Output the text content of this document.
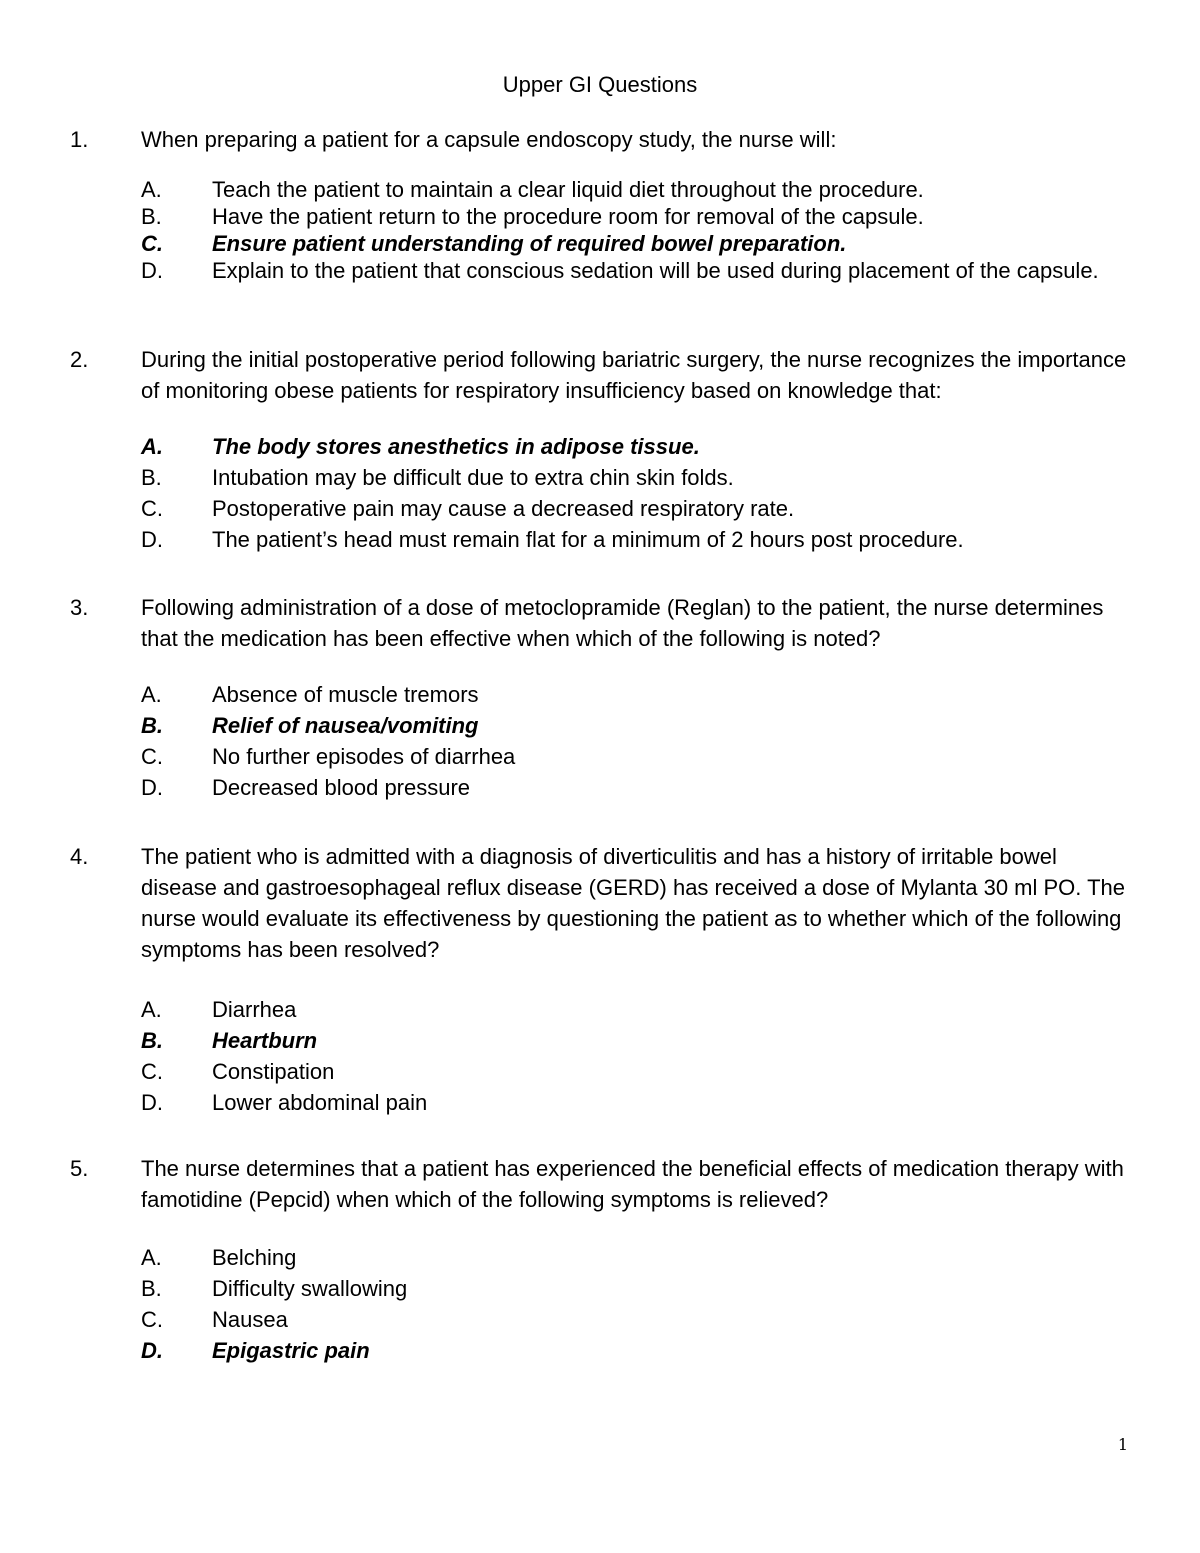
Upper GI Questions
1. When preparing a patient for a capsule endoscopy study, the nurse will:
A. Teach the patient to maintain a clear liquid diet throughout the procedure.
B. Have the patient return to the procedure room for removal of the capsule.
C. Ensure patient understanding of required bowel preparation.
D. Explain to the patient that conscious sedation will be used during placement of the capsule.
2. During the initial postoperative period following bariatric surgery, the nurse recognizes the importance of monitoring obese patients for respiratory insufficiency based on knowledge that:
A. The body stores anesthetics in adipose tissue.
B. Intubation may be difficult due to extra chin skin folds.
C. Postoperative pain may cause a decreased respiratory rate.
D. The patient’s head must remain flat for a minimum of 2 hours post procedure.
3. Following administration of a dose of metoclopramide (Reglan) to the patient, the nurse determines that the medication has been effective when which of the following is noted?
A. Absence of muscle tremors
B. Relief of nausea/vomiting
C. No further episodes of diarrhea
D. Decreased blood pressure
4. The patient who is admitted with a diagnosis of diverticulitis and has a history of irritable bowel disease and gastroesophageal reflux disease (GERD) has received a dose of Mylanta 30 ml PO. The nurse would evaluate its effectiveness by questioning the patient as to whether which of the following symptoms has been resolved?
A. Diarrhea
B. Heartburn
C. Constipation
D. Lower abdominal pain
5. The nurse determines that a patient has experienced the beneficial effects of medication therapy with famotidine (Pepcid) when which of the following symptoms is relieved?
A. Belching
B. Difficulty swallowing
C. Nausea
D. Epigastric pain
1
